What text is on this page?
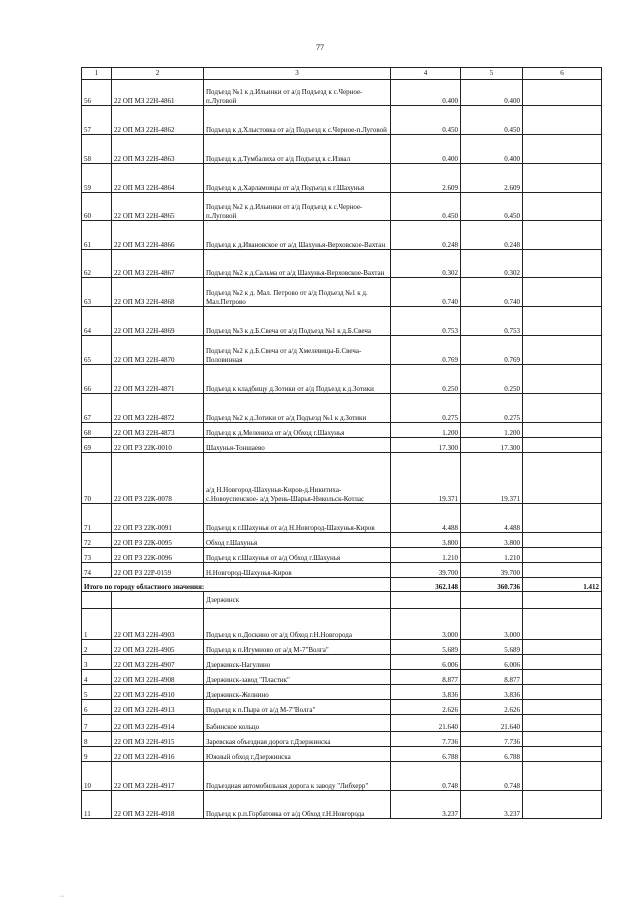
77
1	2	3	4	5	6
56	22 ОП МЗ 22Н-4861	Подъезд №1 к д.Ильинки от а/д Подъезд к с.Черное-п.Луговой	0.400	0.400	
57	22 ОП МЗ 22Н-4862	Подъезд к д.Хлыстовка от а/д Подъезд к с.Черное-п.Луговой	0.450	0.450	
58	22 ОП МЗ 22Н-4863	Подъезд к д.Тумбалиха от а/д Подъезд к с.Извал	0.400	0.400	
59	22 ОП МЗ 22Н-4864	Подъезд к д.Харламовцы от а/д Подъезд к г.Шахунья	2.609	2.609	
60	22 ОП МЗ 22Н-4865	Подъезд №2 к д.Ильинки от а/д Подъезд к с.Черное-п.Луговой	0.450	0.450	
61	22 ОП МЗ 22Н-4866	Подъезд к д.Ивановское от а/д Шахунья-Верховское-Вахтан	0.248	0.248	
62	22 ОП МЗ 22Н-4867	Подъезд №2 к д.Сальма от а/д Шахунья-Верховское-Вахтан	0.302	0.302	
63	22 ОП МЗ 22Н-4868	Подъезд №2 к д. Мал. Петрово от а/д Подъезд №1 к д. Мал.Петрово	0.740	0.740	
64	22 ОП МЗ 22Н-4869	Подъезд №3 к д.Б.Свеча от а/д Подъезд №1 к д.Б.Свеча	0.753	0.753	
65	22 ОП МЗ 22Н-4870	Подъезд №2 к д.Б.Свеча от а/д Хмелевицы-Б.Свеча-Половинная	0.769	0.769	
66	22 ОП МЗ 22Н-4871	Подъезд к кладбищу д.Зотики от а/д Подъезд к д.Зотики	0.250	0.250	
67	22 ОП МЗ 22Н-4872	Подъезд №2 к д.Зотики от а/д Подъезд №1 к д.Зотики	0.275	0.275	
68	22 ОП МЗ 22Н-4873	Подъезд к д.Мелениха от а/д Обход г.Шахунья	1.200	1.200	
69	22 ОП РЗ 22К-0010	Шахунья-Тоншаево	17.300	17.300	
70	22 ОП РЗ 22К-0078	а/д Н.Новгород-Шахунья-Киров-д.Никитиха-с.Новоуспенское- а/д Урень-Шарья-Никольск-Котлас	19.371	19.371	
71	22 ОП РЗ 22К-0091	Подъезд к г.Шахунья от а/д Н.Новгород-Шахунья-Киров	4.488	4.488	
72	22 ОП РЗ 22К-0095	Обход г.Шахунья	3.800	3.800	
73	22 ОП РЗ 22К-0096	Подъезд к г.Шахунья от а/д Обход г.Шахунья	1.210	1.210	
74	22 ОП РЗ 22Р-0159	Н.Новгород-Шахунья-Киров	39.700	39.700	
Итого по городу областного значения:			362.148	360.736	1.412
		Дзержинск			
1	22 ОП МЗ 22Н-4903	Подъезд к п.Доскино от а/д Обход г.Н.Новгорода	3.000	3.000	
2	22 ОП МЗ 22Н-4905	Подъезд к п.Игумново от а/д М-7"Волга"	5.689	5.689	
3	22 ОП МЗ 22Н-4907	Дзержинск-Нагулино	6.006	6.006	
4	22 ОП МЗ 22Н-4908	Дзержинск-завод "Пластик"	8.877	8.877	
5	22 ОП МЗ 22Н-4910	Дзержинск-Желнино	3.836	3.836	
6	22 ОП МЗ 22Н-4913	Подъезд к п.Пыра от а/д М-7"Волга"	2.626	2.626	
7	22 ОП МЗ 22Н-4914	Бабинское кольцо	21.640	21.640	
8	22 ОП МЗ 22Н-4915	Заревская объездная дорога г.Дзержинска	7.736	7.736	
9	22 ОП МЗ 22Н-4916	Южный обход г.Дзержинска	6.788	6.788	
10	22 ОП МЗ 22Н-4917	Подъездная автомобильная дорога к заводу "Либхерр"	0.748	0.748	
11	22 ОП МЗ 22Н-4918	Подъезд к р.п.Горбатовка от а/д Обход г.Н.Новгорода	3.237	3.237	
~
